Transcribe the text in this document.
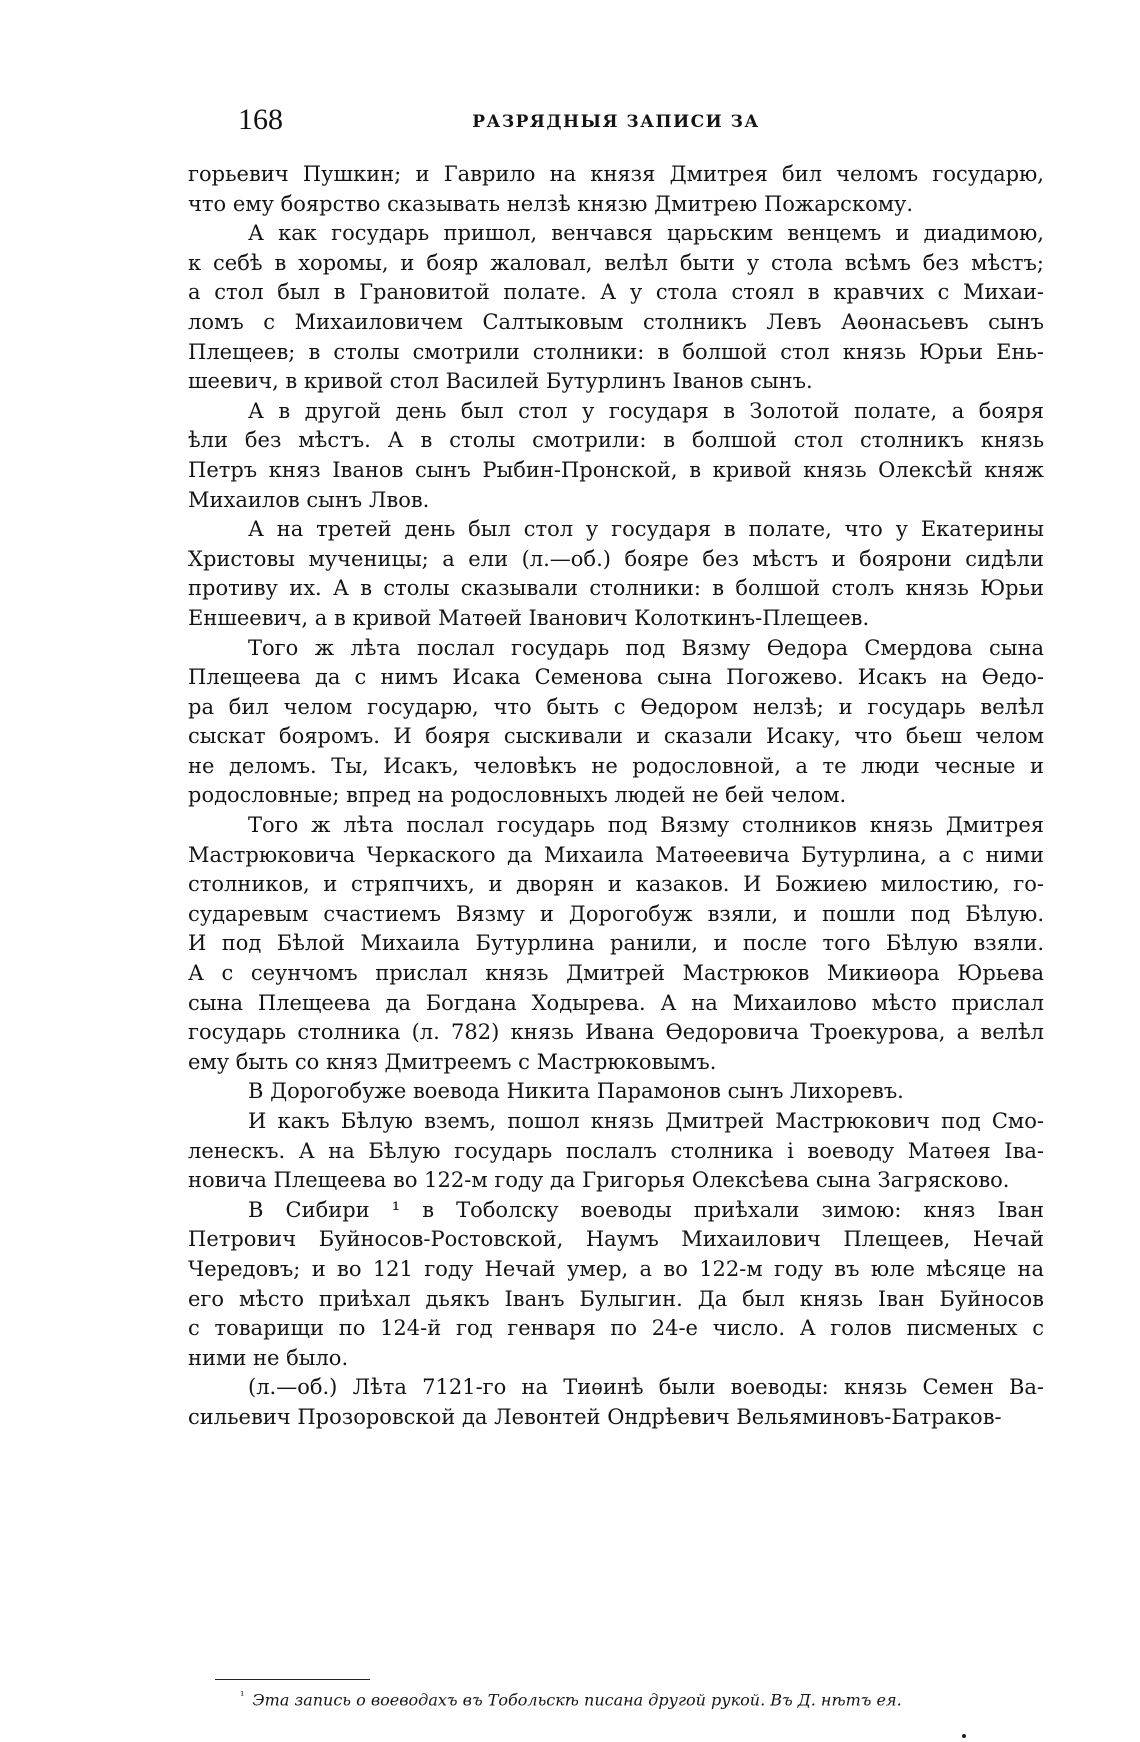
168	РАЗРЯДНЫЯ ЗАПИСИ ЗА
горьевич Пушкин; и Гаврило на князя Дмитрея бил челомъ государю,
что ему боярство сказывать нелзѣ князю Дмитрею Пожарскому.
А как государь пришол, венчався царьским венцемъ и диадимою,
к себѣ в хоромы, и бояр жаловал, велѣл быти у стола всѣмъ без мѣстъ;
а стол был в Грановитой полате. А у стола стоял в кравчих с Михаи-
ломъ с Михаиловичем Салтыковым столникъ Левъ Аѳонасьевъ сынъ
Плещеев; в столы смотрили столники: в болшой стол князь Юрьи Ень-
шеевич, в кривой стол Василей Бутурлинъ Іванов сынъ.
А в другой день был стол у государя в Золотой полате, а бояря
ѣли без мѣстъ. А в столы смотрили: в болшой стол столникъ князь
Петръ княз Іванов сынъ Рыбин-Пронской, в кривой князь Олексѣй княж
Михаилов сынъ Лвов.
А на третей день был стол у государя в полате, что у Екатерины
Христовы мученицы; а ели (л.—об.) бояре без мѣстъ и боярони сидѣли
противу их. А в столы сказывали столники: в болшой столъ князь Юрьи
Еншеевич, а в кривой Матѳей Іванович Колоткинъ-Плещеев.
Того ж лѣта послал государь под Вязму Ѳедора Смердова сына
Плещеева да с нимъ Исака Семенова сына Погожево. Исакъ на Ѳедо-
ра бил челом государю, что быть с Ѳедором нелзѣ; и государь велѣл
сыскат бояромъ. И бояря сыскивали и сказали Исаку, что бьеш челом
не деломъ. Ты, Исакъ, человѣкъ не родословной, а те люди чесные и
родословные; впред на родословныхъ людей не бей челом.
Того ж лѣта послал государь под Вязму столников князь Дмитрея
Мастрюковича Черкаского да Михаила Матѳеевича Бутурлина, а с ними
столников, и стряпчихъ, и дворян и казаков. И Божиею милостию, го-
сударевым счастиемъ Вязму и Дорогобуж взяли, и пошли под Бѣлую.
И под Бѣлой Михаила Бутурлина ранили, и после того Бѣлую взяли.
А с сеунчомъ прислал князь Дмитрей Мастрюков Микиѳора Юрьева
сына Плещеева да Богдана Ходырева. А на Михаилово мѣсто прислал
государь столника (л. 782) князь Ивана Ѳедоровича Троекурова, а велѣл
ему быть со княз Дмитреемъ с Мастрюковымъ.
В Дорогобуже воевода Никита Парамонов сынъ Лихоревъ.
И какъ Бѣлую вземъ, пошол князь Дмитрей Мастрюкович под Смо-
ленескъ. А на Бѣлую государь послалъ столника і воеводу Матѳея Іва-
новича Плещеева во 122-м году да Григорья Олексѣева сына Загрясково.
В Сибири ¹ в Тоболску воеводы приѣхали зимою: княз Іван
Петрович Буйносов-Ростовской, Наумъ Михаилович Плещеев, Нечай
Чередовъ; и во 121 году Нечай умер, а во 122-м году въ юле мѣсяце на
его мѣсто приѣхал дьякъ Іванъ Булыгин. Да был князь Іван Буйносов
с товарищи по 124-й год генваря по 24-е число. А голов писменых с
ними не было.
(л.—об.) Лѣта 7121-го на Тиѳинѣ были воеводы: князь Семен Ва-
сильевич Прозоровской да Левонтей Ондрѣевич Вельяминовъ-Батраков-
$^{^1}$ Эта запись о воеводахъ въ Тобольскѣ писана другой рукой. Въ Д. нѣтъ ея.
